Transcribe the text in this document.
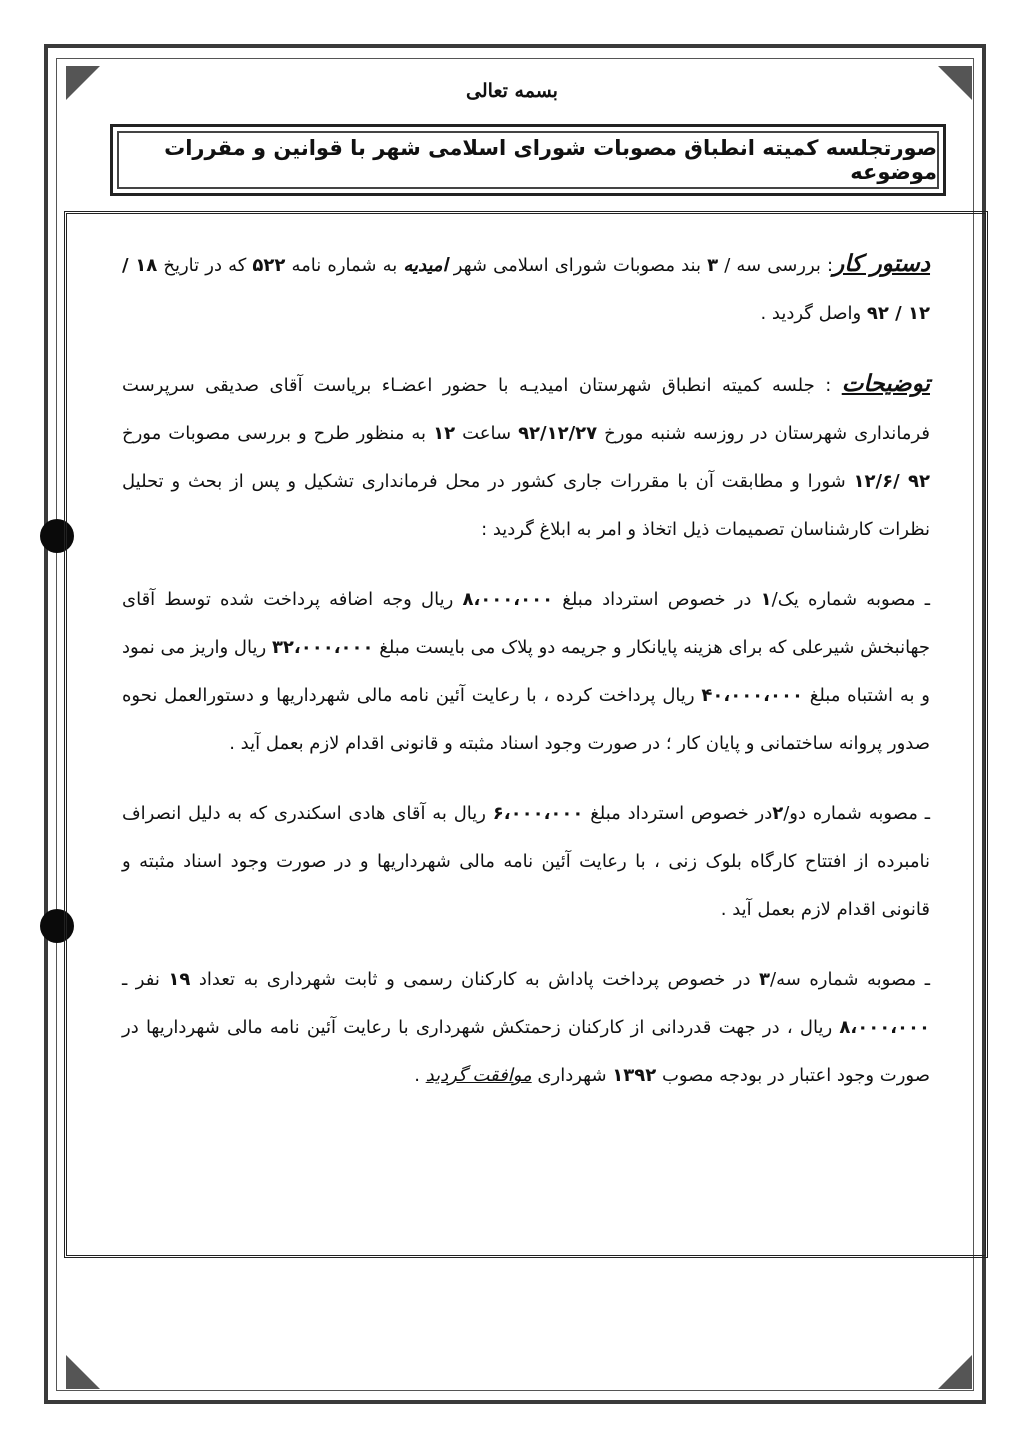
بسمه تعالی
صورتجلسه کمیته انطباق مصوبات شورای اسلامی شهر با قوانین و مقررات موضوعه

دستور کار: بررسی سه / ۳ بند مصوبات شورای اسلامی شهر امیدیه به شماره نامه ۵۲۲ که در تاریخ ۱۸ / ۱۲ / ۹۲ واصل گردید .

توضیحات : جلسه کمیته انطباق شهرستان امیدیـه با حضور اعضـاء بریاست آقای صدیقی سرپرست فرمانداری شهرستان در روزسه شنبه مورخ ۹۲/۱۲/۲۷ ساعت ۱۲ به منظور طرح و بررسی مصوبات مورخ ۹۲ /۱۲/۶ شورا و مطابقت آن با مقررات جاری کشور در محل فرمانداری تشکیل و پس از بحث و تحلیل نظرات کارشناسان تصمیمات ذیل اتخاذ و امر به ابلاغ گردید :

ـ مصوبه شماره یک/۱ در خصوص استرداد مبلغ ۸،۰۰۰،۰۰۰ ریال وجه اضافه پرداخت شده توسط آقای جهانبخش شیرعلی که برای هزینه پایانکار و جریمه دو پلاک می بایست مبلغ ۳۲،۰۰۰،۰۰۰ ریال واریز می نمود و به اشتباه مبلغ ۴۰،۰۰۰،۰۰۰ ریال پرداخت کرده ، با رعایت آئین نامه مالی شهرداریها و دستورالعمل نحوه صدور پروانه ساختمانی و پایان کار ؛ در صورت وجود اسناد مثبته و قانونی اقدام لازم بعمل آید .

ـ مصوبه شماره دو/۲در خصوص استرداد مبلغ ۶،۰۰۰،۰۰۰ ریال به آقای هادی اسکندری که به دلیل انصراف نامبرده از افتتاح کارگاه بلوک زنی ، با رعایت آئین نامه مالی شهرداریها و در صورت وجود اسناد مثبته و قانونی اقدام لازم بعمل آید .

ـ مصوبه شماره سه/۳ در خصوص پرداخت پاداش به کارکنان رسمی و ثابت شهرداری به تعداد ۱۹ نفر ـ ۸،۰۰۰،۰۰۰ ریال ، در جهت قدردانی از کارکنان زحمتکش شهرداری با رعایت آئین نامه مالی شهرداریها در صورت وجود اعتبار در بودجه مصوب ۱۳۹۲ شهرداری موافقت گردید .
